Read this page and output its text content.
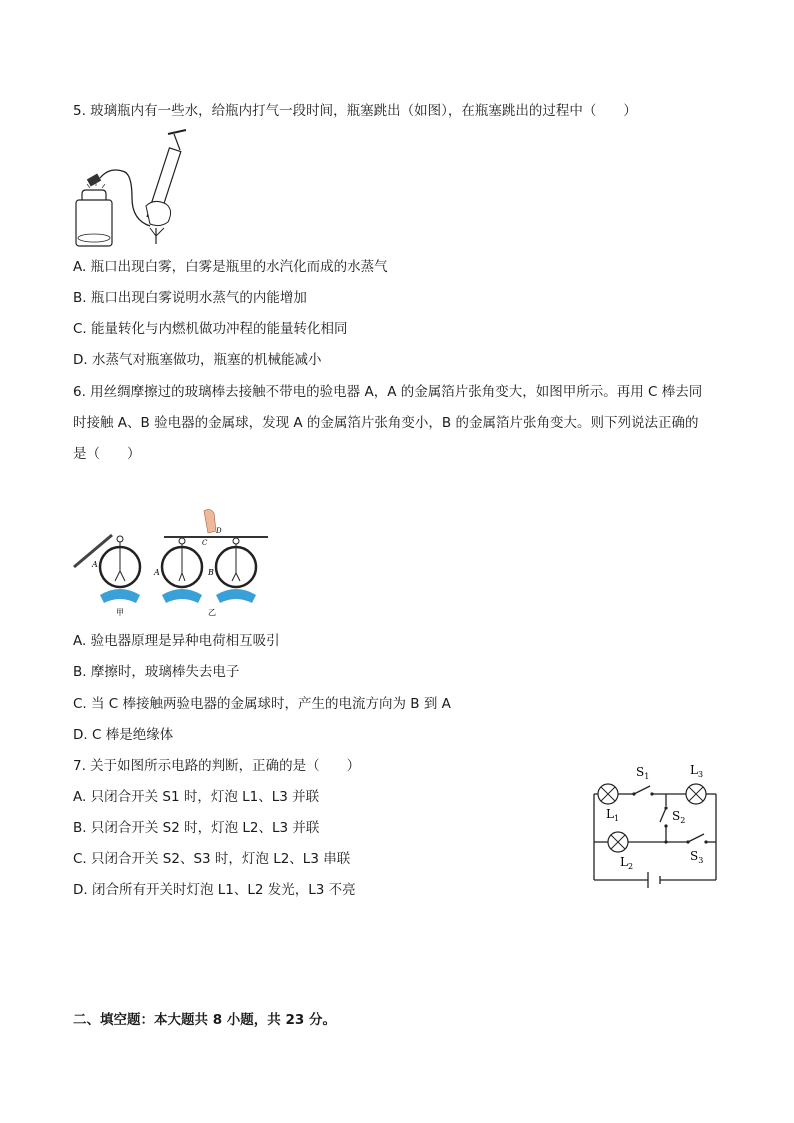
5. 玻璃瓶内有一些水，给瓶内打气一段时间，瓶塞跳出（如图），在瓶塞跳出的过程中（　　）
A. 瓶口出现白雾，白雾是瓶里的水汽化而成的水蒸气
B. 瓶口出现白雾说明水蒸气的内能增加
C. 能量转化与内燃机做功冲程的能量转化相同
D. 水蒸气对瓶塞做功，瓶塞的机械能减小
6. 用丝绸摩擦过的玻璃棒去接触不带电的验电器 A，A 的金属箔片张角变大，如图甲所示。再用 C 棒去同
时接触 A、B 验电器的金属球，发现 A 的金属箔片张角变小，B 的金属箔片张角变大。则下列说法正确的
是（　　）
A
甲
C
D
A	B
乙
A. 验电器原理是异种电荷相互吸引
B. 摩擦时，玻璃棒失去电子
C. 当 C 棒接触两验电器的金属球时，产生的电流方向为 B 到 A
D. C 棒是绝缘体
7. 关于如图所示电路的判断，正确的是（　　）
A. 只闭合开关 S1 时，灯泡 L1、L3 并联
B. 只闭合开关 S2 时，灯泡 L2、L3 并联
C. 只闭合开关 S2、S3 时，灯泡 L2、L3 串联
D. 闭合所有开关时灯泡 L1、L2 发光，L3 不亮
$S_1$	$L_3$
$L_1$	$S_2$
$S_3$
$L_2$
二、填空题：本大题共 8 小题，共 23 分。
